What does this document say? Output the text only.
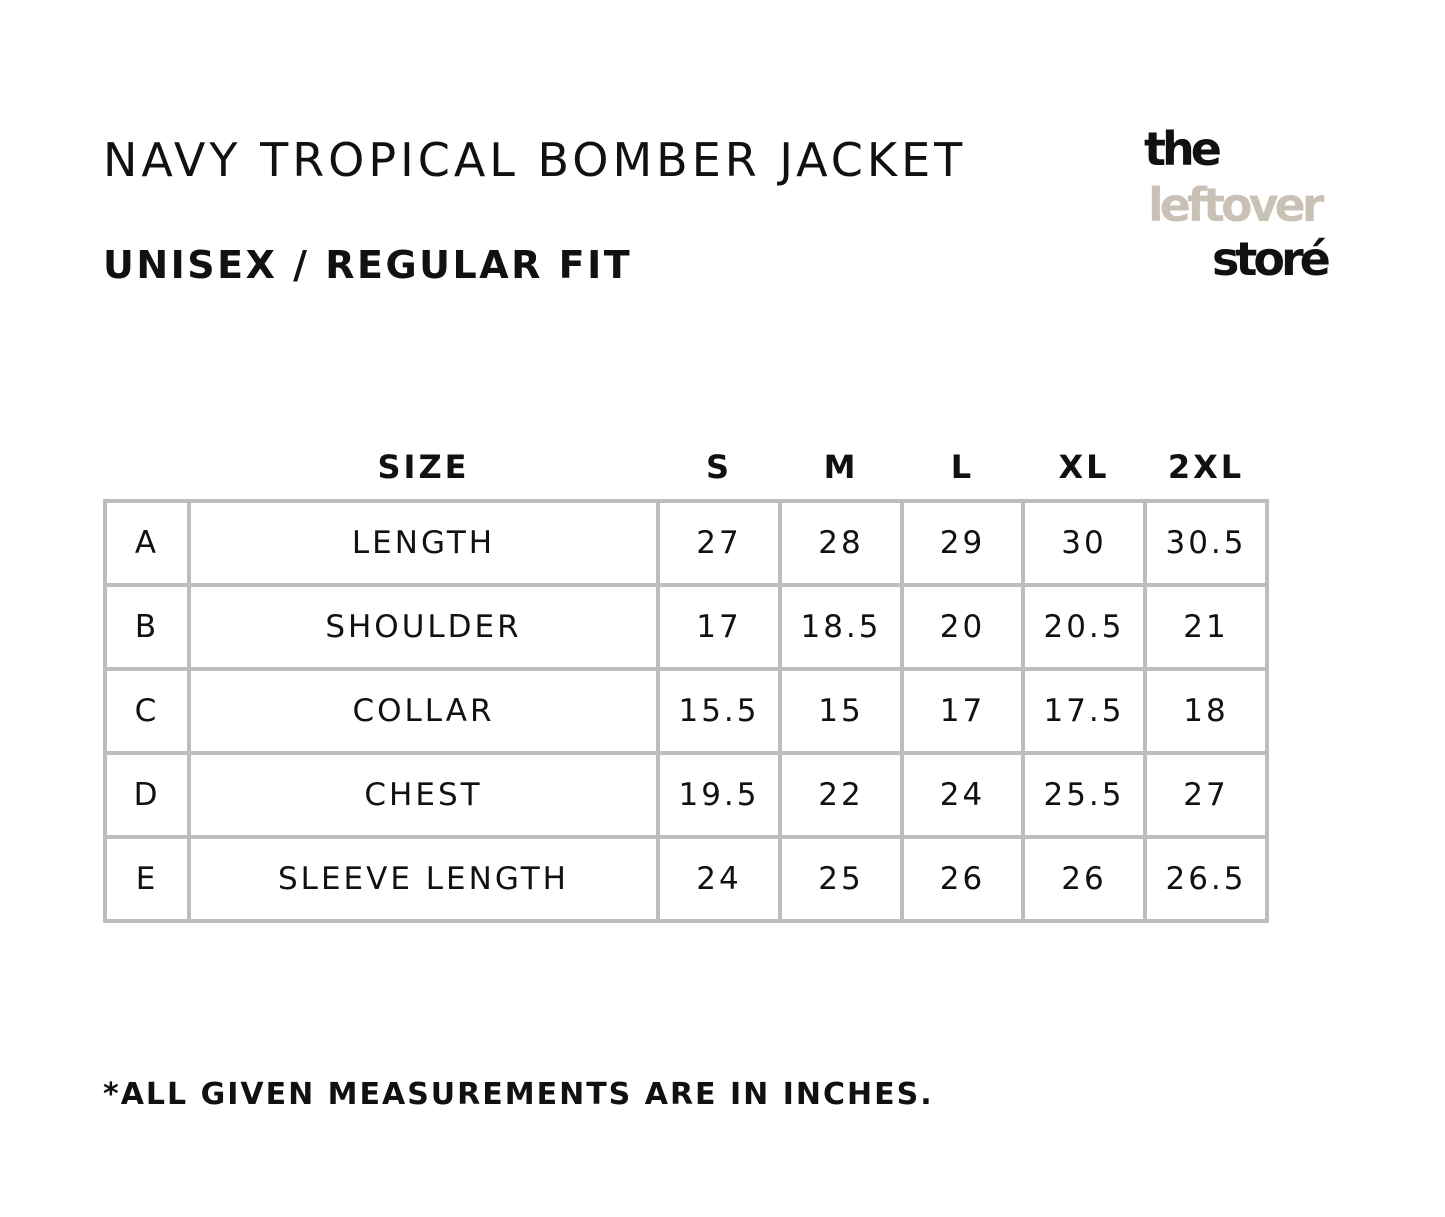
NAVY TROPICAL BOMBER JACKET
UNISEX / REGULAR FIT
the
leftover
storé
	SIZE	S	M	L	XL	2XL
A	LENGTH	27	28	29	30	30.5
B	SHOULDER	17	18.5	20	20.5	21
C	COLLAR	15.5	15	17	17.5	18
D	CHEST	19.5	22	24	25.5	27
E	SLEEVE LENGTH	24	25	26	26	26.5

*ALL GIVEN MEASUREMENTS ARE IN INCHES.
